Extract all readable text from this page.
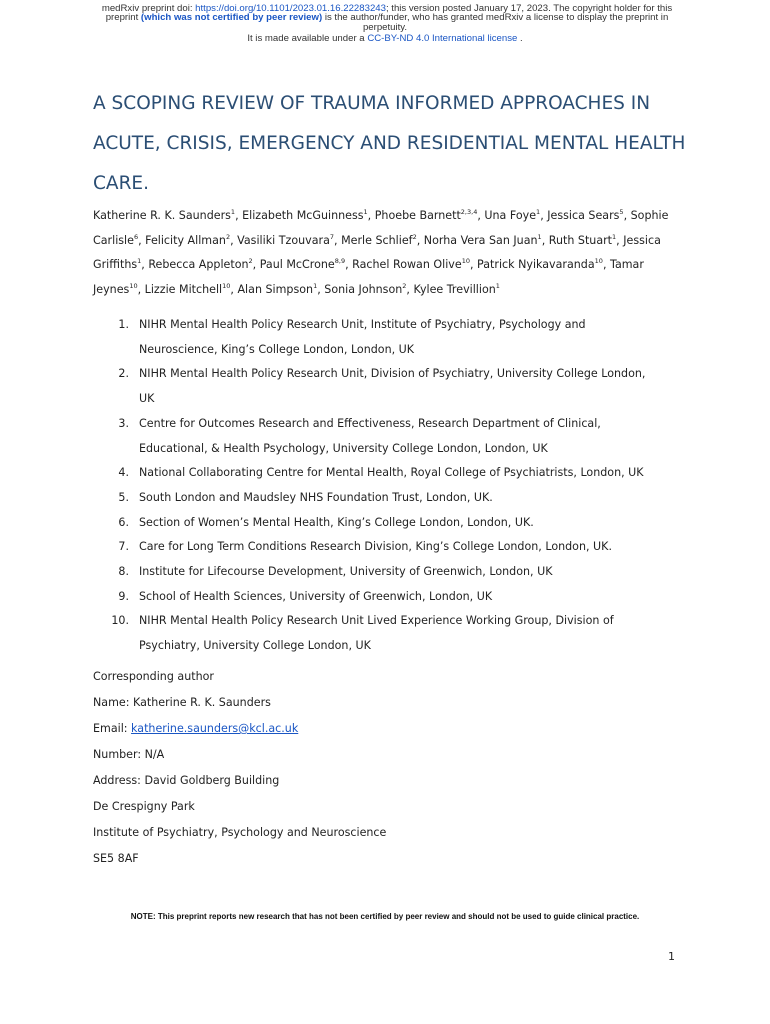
medRxiv preprint doi: https://doi.org/10.1101/2023.01.16.22283243; this version posted January 17, 2023. The copyright holder for this
preprint (which was not certified by peer review) is the author/funder, who has granted medRxiv a license to display the preprint in
perpetuity.
It is made available under a CC-BY-ND 4.0 International license .
A SCOPING REVIEW OF TRAUMA INFORMED APPROACHES IN ACUTE, CRISIS, EMERGENCY AND RESIDENTIAL MENTAL HEALTH CARE.
Katherine R. K. Saunders$^1$, Elizabeth McGuinness$^1$, Phoebe Barnett$^{2,3,4}$, Una Foye$^1$, Jessica Sears$^5$, Sophie Carlisle$^6$, Felicity Allman$^2$, Vasiliki Tzouvara$^7$, Merle Schlief$^2$, Norha Vera San Juan$^1$, Ruth Stuart$^1$, Jessica Griffiths$^1$, Rebecca Appleton$^2$, Paul McCrone$^{8,9}$, Rachel Rowan Olive$^{10}$, Patrick Nyikavaranda$^{10}$, Tamar Jeynes$^{10}$, Lizzie Mitchell$^{10}$, Alan Simpson$^1$, Sonia Johnson$^2$, Kylee Trevillion$^1$
1. NIHR Mental Health Policy Research Unit, Institute of Psychiatry, Psychology and
Neuroscience, King’s College London, London, UK
2. NIHR Mental Health Policy Research Unit, Division of Psychiatry, University College London,
UK
3. Centre for Outcomes Research and Effectiveness, Research Department of Clinical,
Educational, & Health Psychology, University College London, London, UK
4. National Collaborating Centre for Mental Health, Royal College of Psychiatrists, London, UK
5. South London and Maudsley NHS Foundation Trust, London, UK.
6. Section of Women’s Mental Health, King’s College London, London, UK.
7. Care for Long Term Conditions Research Division, King’s College London, London, UK.
8. Institute for Lifecourse Development, University of Greenwich, London, UK
9. School of Health Sciences, University of Greenwich, London, UK
10. NIHR Mental Health Policy Research Unit Lived Experience Working Group, Division of
Psychiatry, University College London, UK
Corresponding author
Name: Katherine R. K. Saunders
Email: katherine.saunders@kcl.ac.uk
Number: N/A
Address: David Goldberg Building
De Crespigny Park
Institute of Psychiatry, Psychology and Neuroscience
SE5 8AF
NOTE: This preprint reports new research that has not been certified by peer review and should not be used to guide clinical practice.
1
